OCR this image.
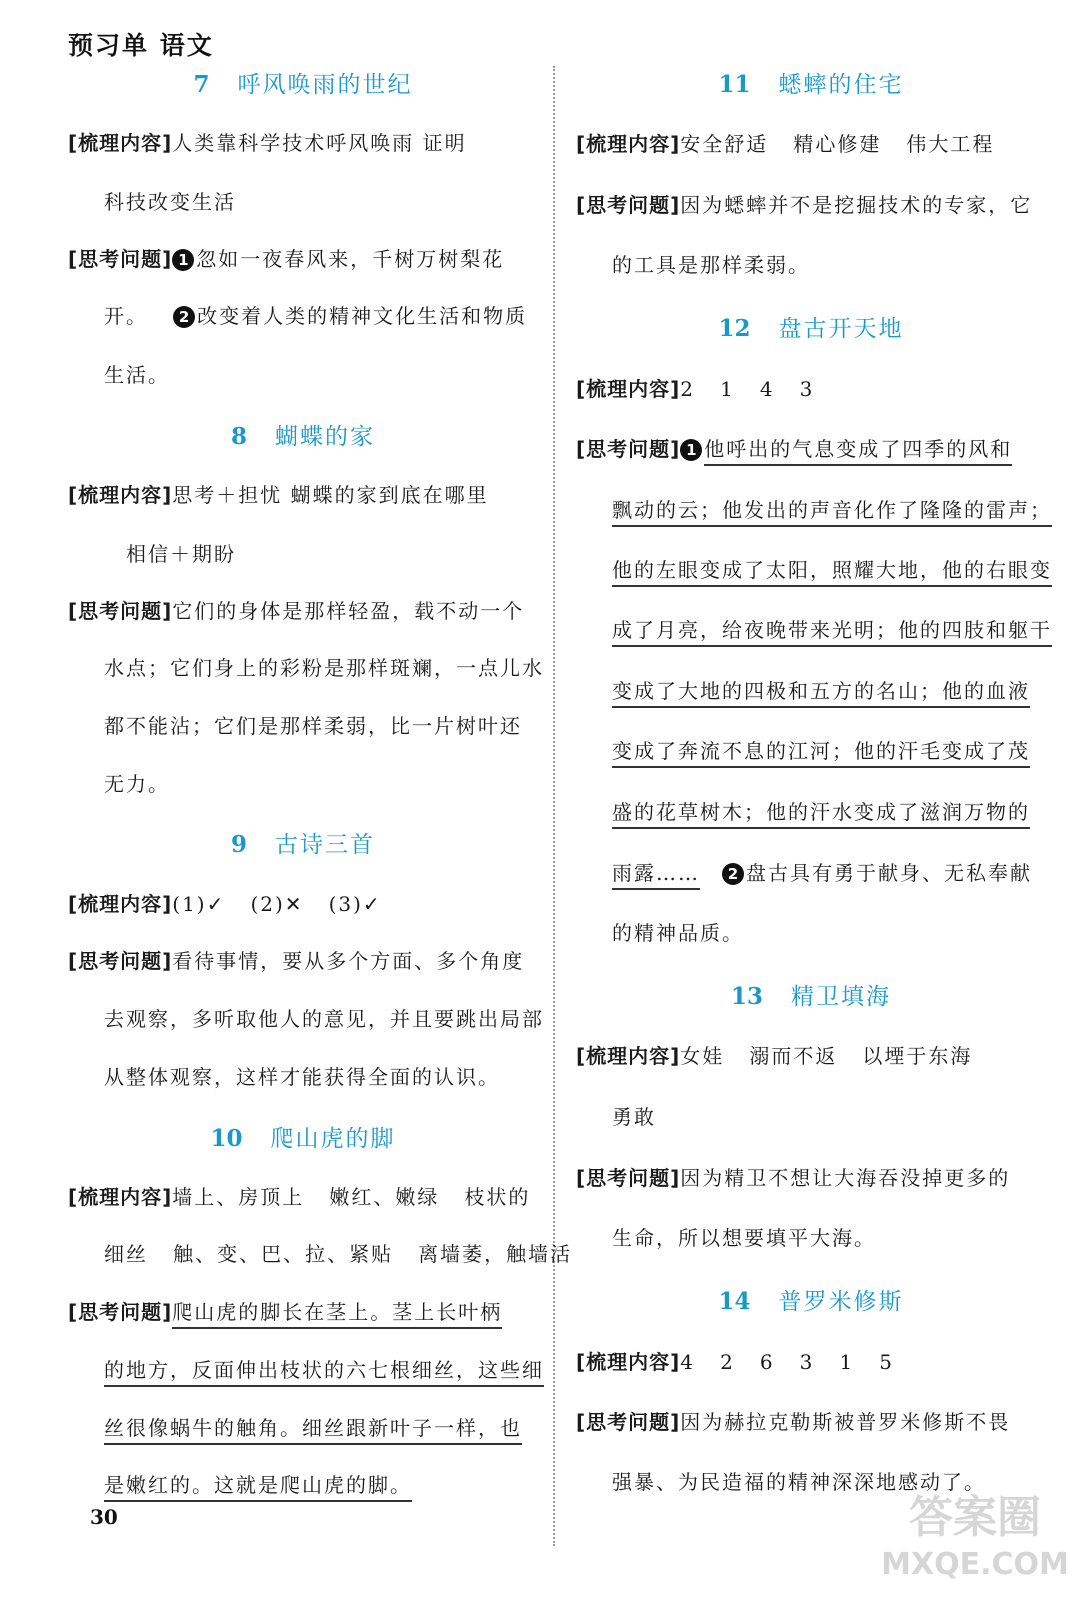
预习单 语文
7 呼风唤雨的世纪
[梳理内容]人类靠科学技术呼风唤雨 证明
科技改变生活
[思考问题] 1 忽如一夜春风来，千树万树梨花
开。   2 改变着人类的精神文化生活和物质
生活。
8 蝴蝶的家
[梳理内容]思考＋担忧 蝴蝶的家到底在哪里
相信＋期盼
[思考问题]它们的身体是那样轻盈，载不动一个
水点；它们身上的彩粉是那样斑斓，一点儿水
都不能沾；它们是那样柔弱，比一片树叶还
无力。
9 古诗三首
[梳理内容](1)✓   (2)✕   (3)✓
[思考问题]看待事情，要从多个方面、多个角度
去观察，多听取他人的意见，并且要跳出局部
从整体观察，这样才能获得全面的认识。
10 爬山虎的脚
[梳理内容]墙上、房顶上   嫩红、嫩绿   枝状的
细丝   触、变、巴、拉、紧贴   离墙萎，触墙活
[思考问题]爬山虎的脚长在茎上。茎上长叶柄
的地方，反面伸出枝状的六七根细丝，这些细
丝很像蜗牛的触角。细丝跟新叶子一样，也
是嫩红的。这就是爬山虎的脚。
11 蟋蟀的住宅
[梳理内容]安全舒适   精心修建   伟大工程
[思考问题]因为蟋蟀并不是挖掘技术的专家，它
的工具是那样柔弱。
12 盘古开天地
[梳理内容]2   1   4   3
[思考问题] 1 他呼出的气息变成了四季的风和
飘动的云；他发出的声音化作了隆隆的雷声；
他的左眼变成了太阳，照耀大地，他的右眼变
成了月亮，给夜晚带来光明；他的四肢和躯干
变成了大地的四极和五方的名山；他的血液
变成了奔流不息的江河；他的汗毛变成了茂
盛的花草树木；他的汗水变成了滋润万物的
雨露…… 2 盘古具有勇于献身、无私奉献
的精神品质。
13 精卫填海
[梳理内容]女娃   溺而不返   以堙于东海
勇敢
[思考问题]因为精卫不想让大海吞没掉更多的
生命，所以想要填平大海。
14 普罗米修斯
[梳理内容]4   2   6   3   1   5
[思考问题]因为赫拉克勒斯被普罗米修斯不畏
强暴、为民造福的精神深深地感动了。
30	答案圈
MXQE.COM
